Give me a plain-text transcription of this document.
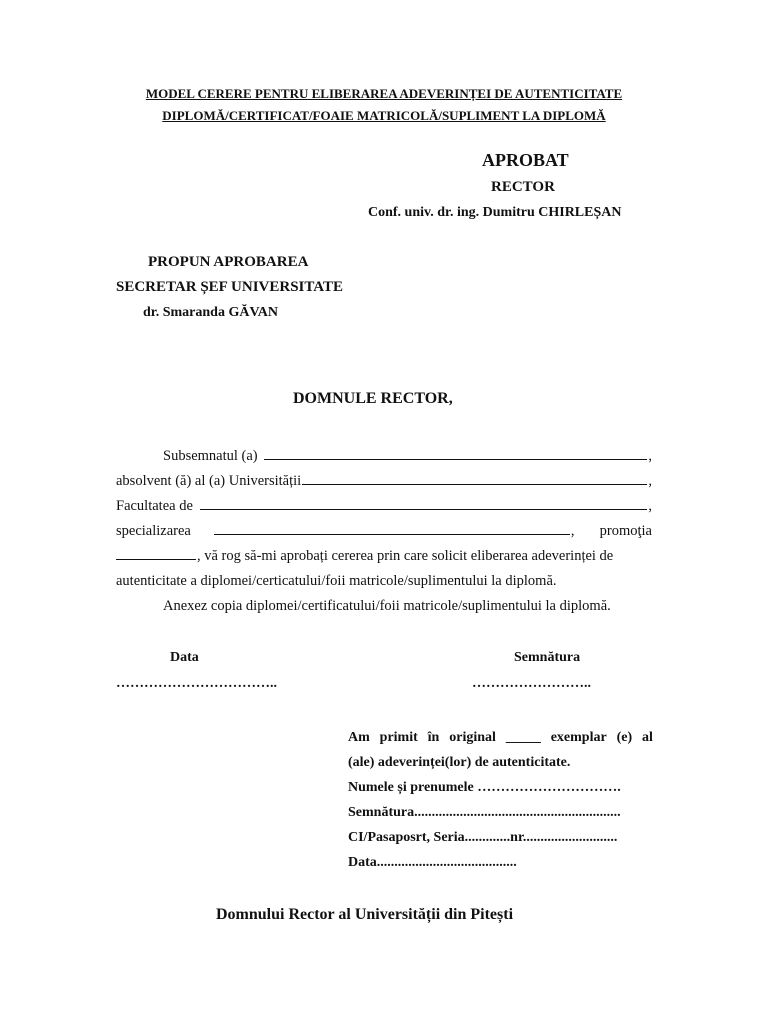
MODEL CERERE PENTRU ELIBERAREA ADEVERINȚEI DE AUTENTICITATE
DIPLOMĂ/CERTIFICAT/FOAIE MATRICOLĂ/SUPLIMENT LA DIPLOMĂ
APROBAT
RECTOR
Conf. univ. dr. ing. Dumitru CHIRLEȘAN
PROPUN APROBAREA
SECRETAR ȘEF UNIVERSITATE
dr. Smaranda GĂVAN
DOMNULE RECTOR,
Subsemnatul (a)	,
absolvent (ă) al (a) Universității	,
Facultatea de	,
specializarea	, promoţia
, vă rog să-mi aprobați cererea prin care solicit eliberarea adeverinței de
autenticitate a diplomei/certicatului/foii matricole/suplimentului la diplomă.
Anexez copia diplomei/certificatului/foii matricole/suplimentului la diplomă.
Data
……………………………..
Semnătura
……………………..
Am primit în original _____ exemplar (e) al
(ale) adeverinței(lor) de autenticitate.
Numele și prenumele ………………………….
Semnătura...........................................................
CI/Pasaposrt, Seria.............nr...........................
Data........................................
Domnului Rector al Universității din Pitești
